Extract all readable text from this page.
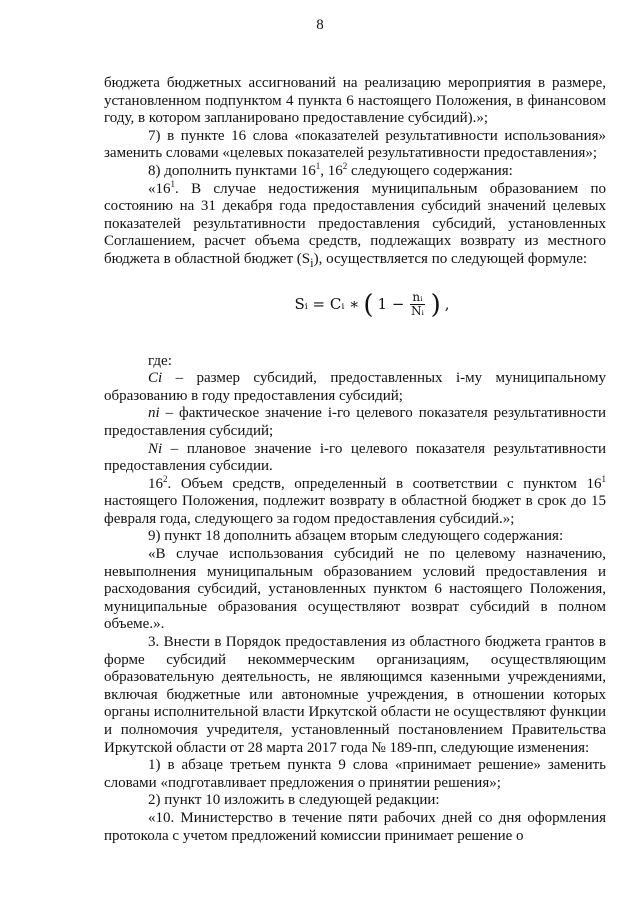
8

бюджета бюджетных ассигнований на реализацию мероприятия в размере, установленном подпунктом 4 пункта 6 настоящего Положения, в финансовом году, в котором запланировано предоставление субсидий).»;

7) в пункте 16 слова «показателей результативности использования» заменить словами «целевых показателей результативности предоставления»;

8) дополнить пунктами $16^1$, $16^2$ следующего содержания:

«$16^1$. В случае недостижения муниципальным образованием по состоянию на 31 декабря года предоставления субсидий значений целевых показателей результативности предоставления субсидий, установленных Соглашением, расчет объема средств, подлежащих возврату из местного бюджета в областной бюджет $(S_i)$, осуществляется по следующей формуле:

Sᵢ = Cᵢ ∗ ( $1 - \frac{\text{nᵢ}}{\text{Nᵢ}}$ ) ,

где:

Ci – размер субсидий, предоставленных i-му муниципальному образованию в году предоставления субсидий;

ni – фактическое значение i-го целевого показателя результативности предоставления субсидий;

Ni – плановое значение i-го целевого показателя результативности предоставления субсидии.

$16^2$. Объем средств, определенный в соответствии с пунктом $16^1$ настоящего Положения, подлежит возврату в областной бюджет в срок до 15 февраля года, следующего за годом предоставления субсидий.»;

9) пункт 18 дополнить абзацем вторым следующего содержания:

«В случае использования субсидий не по целевому назначению, невыполнения муниципальным образованием условий предоставления и расходования субсидий, установленных пунктом 6 настоящего Положения, муниципальные образования осуществляют возврат субсидий в полном объеме.».

3. Внести в Порядок предоставления из областного бюджета грантов в форме субсидий некоммерческим организациям, осуществляющим образовательную деятельность, не являющимся казенными учреждениями, включая бюджетные или автономные учреждения, в отношении которых органы исполнительной власти Иркутской области не осуществляют функции и полномочия учредителя, установленный постановлением Правительства Иркутской области от 28 марта 2017 года № 189-пп, следующие изменения:

1) в абзаце третьем пункта 9 слова «принимает решение» заменить словами «подготавливает предложения о принятии решения»;

2) пункт 10 изложить в следующей редакции:

«10. Министерство в течение пяти рабочих дней со дня оформления протокола с учетом предложений комиссии принимает решение о
